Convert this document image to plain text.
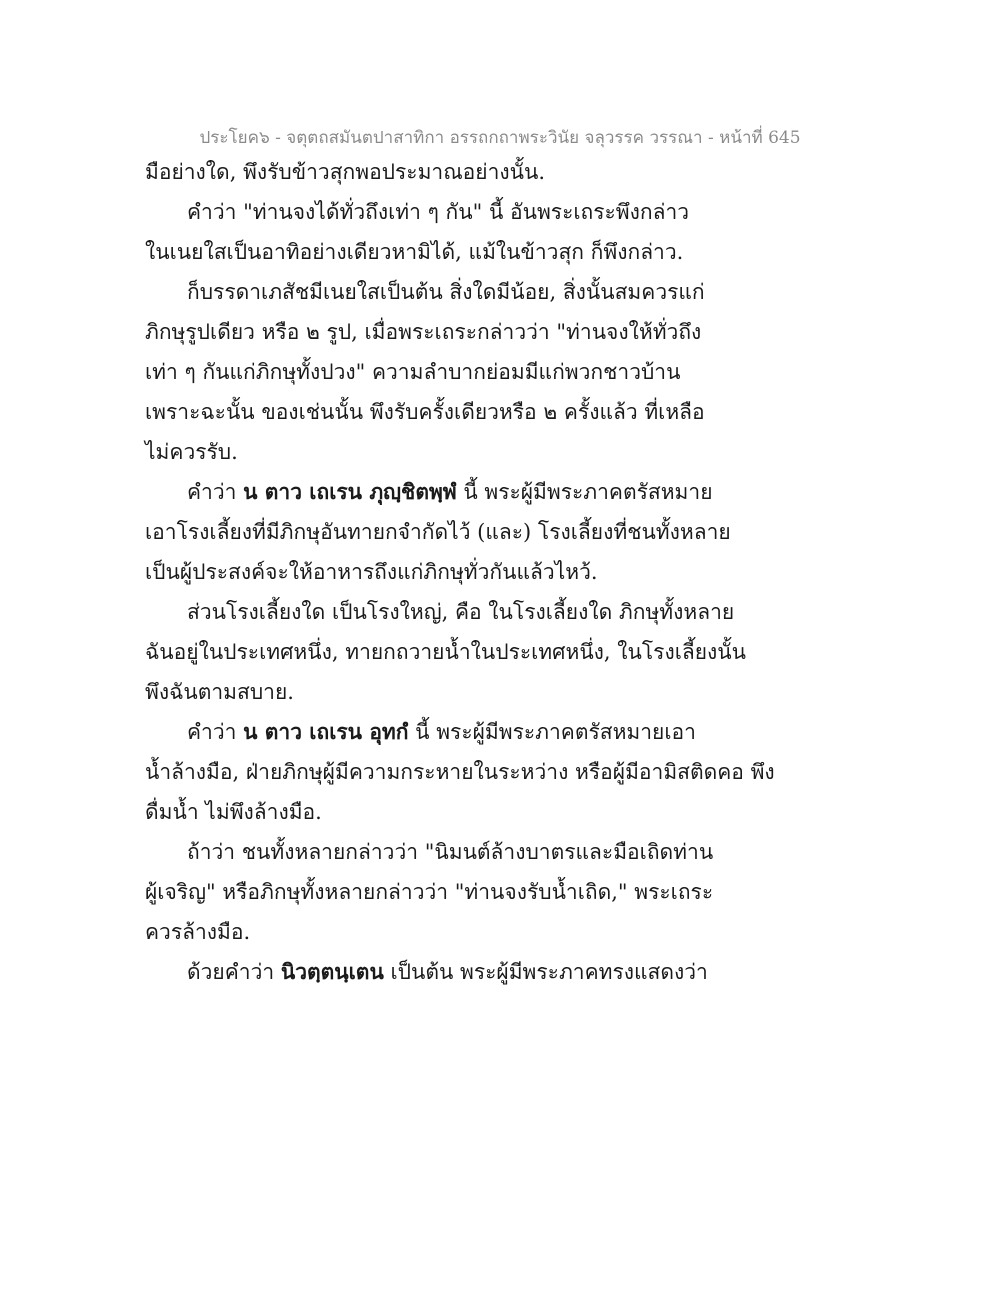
ประโยค๖ - จตุตถสมันตปาสาทิกา อรรถกถาพระวินัย จลุวรรค วรรณา - หน้าที่ 645
มือย่างใด, พึงรับข้าวสุกพอประมาณอย่างนั้น.
คำว่า "ท่านจงได้ทั่วถึงเท่า ๆ กัน" นี้ อันพระเถระพึงกล่าว
ในเนยใสเป็นอาทิอย่างเดียวหามิได้, แม้ในข้าวสุก ก็พึงกล่าว.
ก็บรรดาเภสัชมีเนยใสเป็นต้น สิ่งใดมีน้อย, สิ่งนั้นสมควรแก่
ภิกษุรูปเดียว หรือ ๒ รูป, เมื่อพระเถระกล่าวว่า "ท่านจงให้ทั่วถึง
เท่า ๆ กันแก่ภิกษุทั้งปวง" ความลำบากย่อมมีแก่พวกชาวบ้าน
เพราะฉะนั้น ของเช่นนั้น พึงรับครั้งเดียวหรือ ๒ ครั้งแล้ว ที่เหลือ
ไม่ควรรับ.
คำว่า น ตาว เถเรน ภุญฺชิตพฺพํ นี้ พระผู้มีพระภาคตรัสหมาย
เอาโรงเลี้ยงที่มีภิกษุอันทายกจำกัดไว้ (และ) โรงเลี้ยงที่ชนทั้งหลาย
เป็นผู้ประสงค์จะให้อาหารถึงแก่ภิกษุทั่วกันแล้วไหว้.
ส่วนโรงเลี้ยงใด เป็นโรงใหญ่, คือ ในโรงเลี้ยงใด ภิกษุทั้งหลาย
ฉันอยู่ในประเทศหนึ่ง, ทายกถวายน้ำในประเทศหนึ่ง, ในโรงเลี้ยงนั้น
พึงฉันตามสบาย.
คำว่า น ตาว เถเรน อุทกํ นี้ พระผู้มีพระภาคตรัสหมายเอา
น้ำล้างมือ, ฝ่ายภิกษุผู้มีความกระหายในระหว่าง หรือผู้มีอามิสติดคอ พึง
ดื่มน้ำ ไม่พึงล้างมือ.
ถ้าว่า ชนทั้งหลายกล่าวว่า "นิมนต์ล้างบาตรและมือเถิดท่าน
ผู้เจริญ" หรือภิกษุทั้งหลายกล่าวว่า "ท่านจงรับน้ำเถิด," พระเถระ
ควรล้างมือ.
ด้วยคำว่า นิวตฺตนฺเตน เป็นต้น พระผู้มีพระภาคทรงแสดงว่า
